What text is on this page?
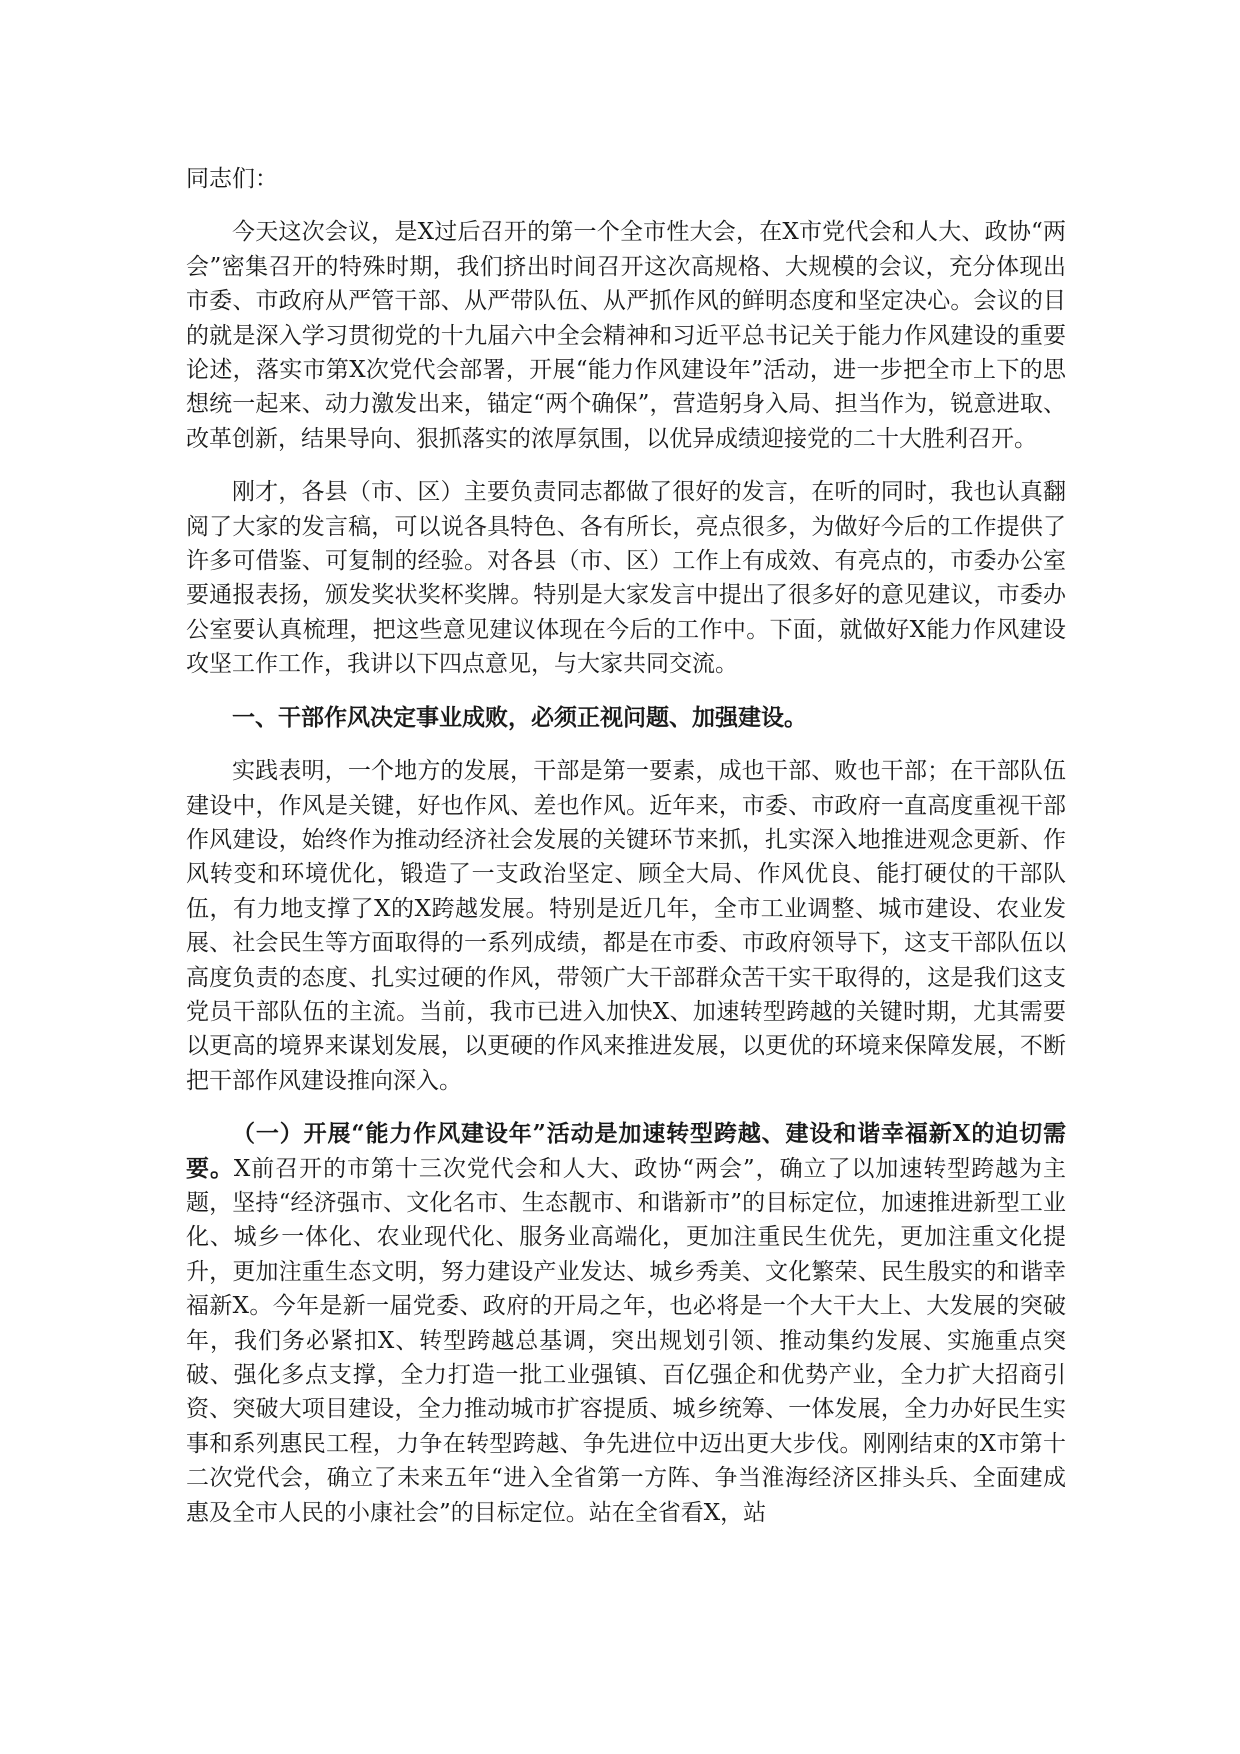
同志们：

今天这次会议，是X过后召开的第一个全市性大会，在X市党代会和人大、政协“两会”密集召开的特殊时期，我们挤出时间召开这次高规格、大规模的会议，充分体现出市委、市政府从严管干部、从严带队伍、从严抓作风的鲜明态度和坚定决心。会议的目的就是深入学习贯彻党的十九届六中全会精神和习近平总书记关于能力作风建设的重要论述，落实市第X次党代会部署，开展“能力作风建设年”活动，进一步把全市上下的思想统一起来、动力激发出来，锚定“两个确保”，营造躬身入局、担当作为，锐意进取、改革创新，结果导向、狠抓落实的浓厚氛围，以优异成绩迎接党的二十大胜利召开。

刚才，各县（市、区）主要负责同志都做了很好的发言，在听的同时，我也认真翻阅了大家的发言稿，可以说各具特色、各有所长，亮点很多，为做好今后的工作提供了许多可借鉴、可复制的经验。对各县（市、区）工作上有成效、有亮点的，市委办公室要通报表扬，颁发奖状奖杯奖牌。特别是大家发言中提出了很多好的意见建议，市委办公室要认真梳理，把这些意见建议体现在今后的工作中。下面，就做好X能力作风建设攻坚工作工作，我讲以下四点意见，与大家共同交流。

一、干部作风决定事业成败，必须正视问题、加强建设。

实践表明，一个地方的发展，干部是第一要素，成也干部、败也干部；在干部队伍建设中，作风是关键，好也作风、差也作风。近年来，市委、市政府一直高度重视干部作风建设，始终作为推动经济社会发展的关键环节来抓，扎实深入地推进观念更新、作风转变和环境优化，锻造了一支政治坚定、顾全大局、作风优良、能打硬仗的干部队伍，有力地支撑了X的X跨越发展。特别是近几年，全市工业调整、城市建设、农业发展、社会民生等方面取得的一系列成绩，都是在市委、市政府领导下，这支干部队伍以高度负责的态度、扎实过硬的作风，带领广大干部群众苦干实干取得的，这是我们这支党员干部队伍的主流。当前，我市已进入加快X、加速转型跨越的关键时期，尤其需要以更高的境界来谋划发展，以更硬的作风来推进发展，以更优的环境来保障发展，不断把干部作风建设推向深入。

（一）开展“能力作风建设年”活动是加速转型跨越、建设和谐幸福新X的迫切需要。X前召开的市第十三次党代会和人大、政协“两会”，确立了以加速转型跨越为主题，坚持“经济强市、文化名市、生态靓市、和谐新市”的目标定位，加速推进新型工业化、城乡一体化、农业现代化、服务业高端化，更加注重民生优先，更加注重文化提升，更加注重生态文明，努力建设产业发达、城乡秀美、文化繁荣、民生殷实的和谐幸福新X。今年是新一届党委、政府的开局之年，也必将是一个大干大上、大发展的突破年，我们务必紧扣X、转型跨越总基调，突出规划引领、推动集约发展、实施重点突破、强化多点支撑，全力打造一批工业强镇、百亿强企和优势产业，全力扩大招商引资、突破大项目建设，全力推动城市扩容提质、城乡统筹、一体发展，全力办好民生实事和系列惠民工程，力争在转型跨越、争先进位中迈出更大步伐。刚刚结束的X市第十二次党代会，确立了未来五年“进入全省第一方阵、争当淮海经济区排头兵、全面建成惠及全市人民的小康社会”的目标定位。站在全省看X，站
